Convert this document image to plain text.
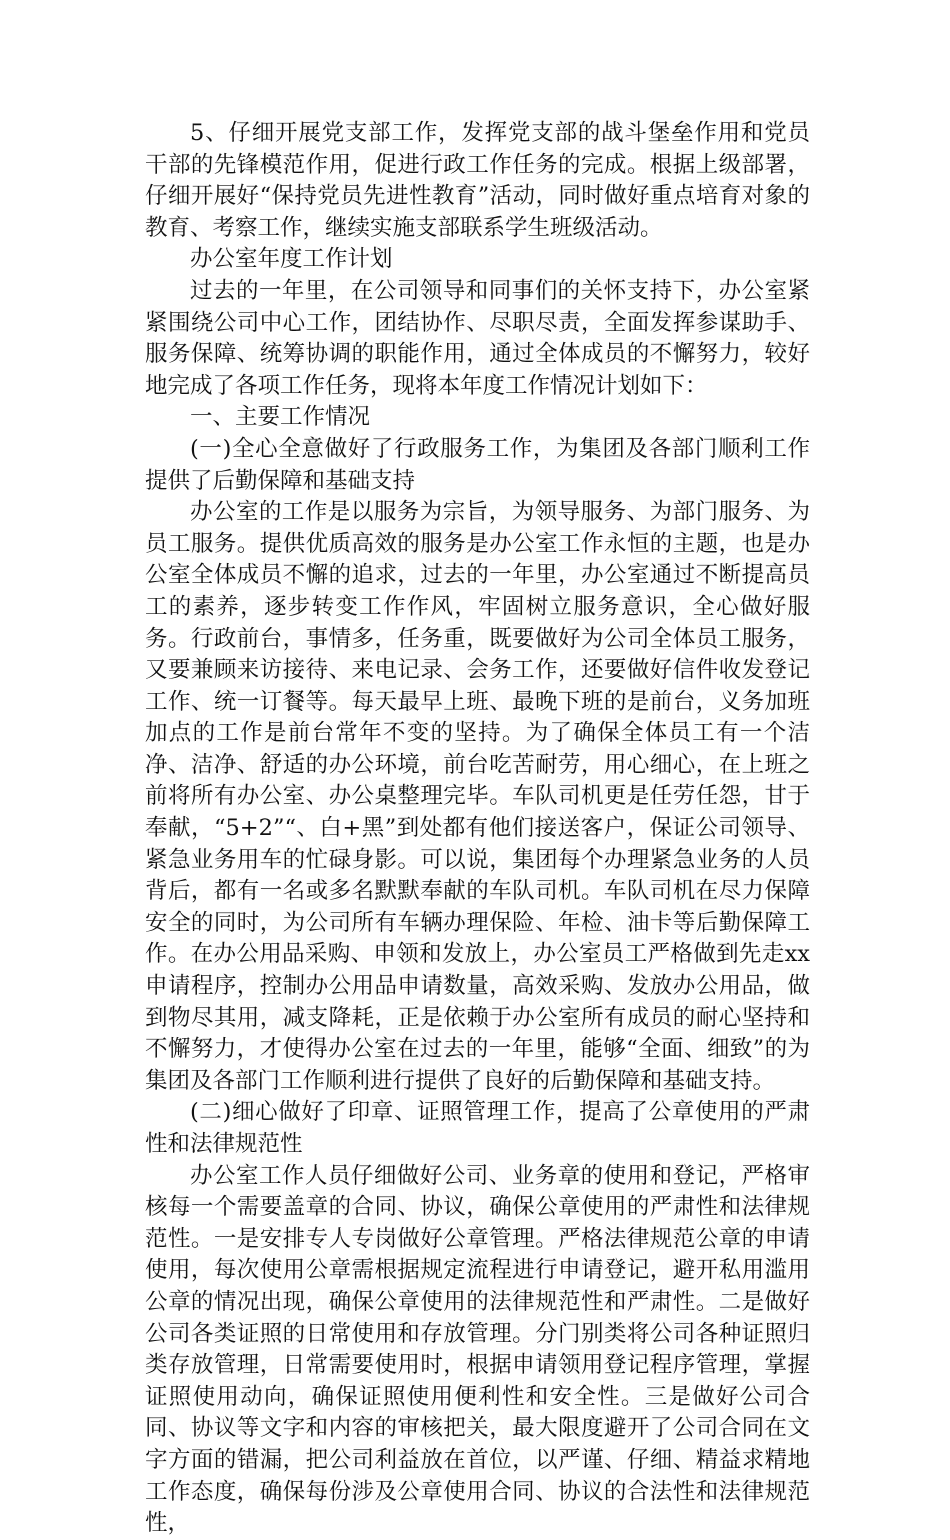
5、仔细开展党支部工作，发挥党支部的战斗堡垒作用和党员干部的先锋模范作用，促进行政工作任务的完成。根据上级部署，仔细开展好“保持党员先进性教育”活动，同时做好重点培育对象的教育、考察工作，继续实施支部联系学生班级活动。

办公室年度工作计划

过去的一年里，在公司领导和同事们的关怀支持下，办公室紧紧围绕公司中心工作，团结协作、尽职尽责，全面发挥参谋助手、服务保障、统筹协调的职能作用，通过全体成员的不懈努力，较好地完成了各项工作任务，现将本年度工作情况计划如下：

一、主要工作情况

(一)全心全意做好了行政服务工作，为集团及各部门顺利工作提供了后勤保障和基础支持

办公室的工作是以服务为宗旨，为领导服务、为部门服务、为员工服务。提供优质高效的服务是办公室工作永恒的主题，也是办公室全体成员不懈的追求，过去的一年里，办公室通过不断提高员工的素养，逐步转变工作作风，牢固树立服务意识，全心做好服务。行政前台，事情多，任务重，既要做好为公司全体员工服务，又要兼顾来访接待、来电记录、会务工作，还要做好信件收发登记工作、统一订餐等。每天最早上班、最晚下班的是前台，义务加班加点的工作是前台常年不变的坚持。为了确保全体员工有一个洁净、洁净、舒适的办公环境，前台吃苦耐劳，用心细心，在上班之前将所有办公室、办公桌整理完毕。车队司机更是任劳任怨，甘于奉献，“5+2”“、白+黑”到处都有他们接送客户，保证公司领导、紧急业务用车的忙碌身影。可以说，集团每个办理紧急业务的人员背后，都有一名或多名默默奉献的车队司机。车队司机在尽力保障安全的同时，为公司所有车辆办理保险、年检、油卡等后勤保障工作。在办公用品采购、申领和发放上，办公室员工严格做到先走xx申请程序，控制办公用品申请数量，高效采购、发放办公用品，做到物尽其用，减支降耗，正是依赖于办公室所有成员的耐心坚持和不懈努力，才使得办公室在过去的一年里，能够“全面、细致”的为集团及各部门工作顺利进行提供了良好的后勤保障和基础支持。

(二)细心做好了印章、证照管理工作，提高了公章使用的严肃性和法律规范性

办公室工作人员仔细做好公司、业务章的使用和登记，严格审核每一个需要盖章的合同、协议，确保公章使用的严肃性和法律规范性。一是安排专人专岗做好公章管理。严格法律规范公章的申请使用，每次使用公章需根据规定流程进行申请登记，避开私用滥用公章的情况出现，确保公章使用的法律规范性和严肃性。二是做好公司各类证照的日常使用和存放管理。分门别类将公司各种证照归类存放管理，日常需要使用时，根据申请领用登记程序管理，掌握证照使用动向，确保证照使用便利性和安全性。三是做好公司合同、协议等文字和内容的审核把关，最大限度避开了公司合同在文字方面的错漏，把公司利益放在首位，以严谨、仔细、精益求精地工作态度，确保每份涉及公章使用合同、协议的合法性和法律规范性，
